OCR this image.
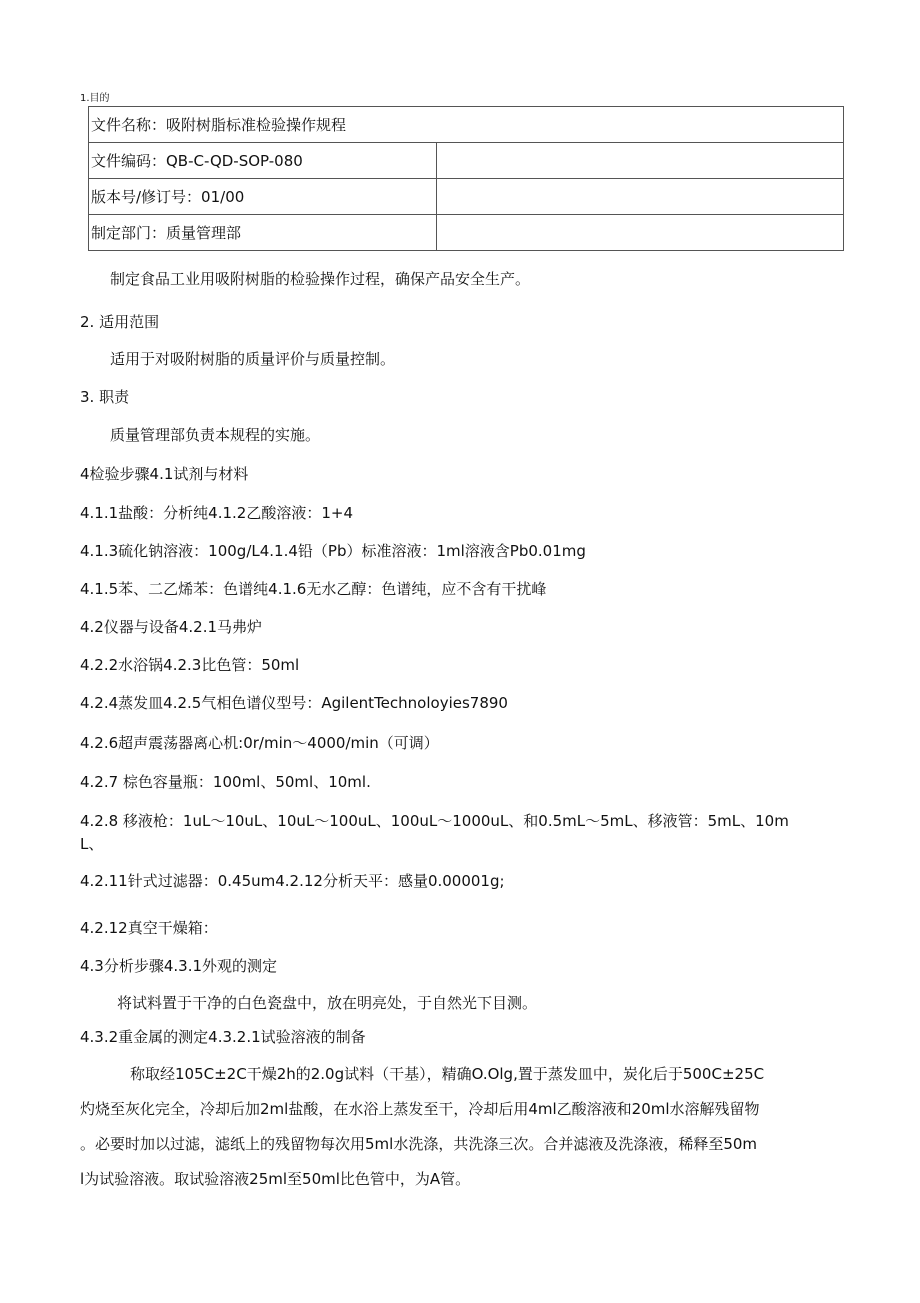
1.目的
文件名称：吸附树脂标准检验操作规程	
文件编码：QB-C-QD-SOP-080	
版本号/修订号：01/00	
制定部门：质量管理部	
制定食品工业用吸附树脂的检验操作过程，确保产品安全生产。
2. 适用范围
适用于对吸附树脂的质量评价与质量控制。
3. 职责
质量管理部负责本规程的实施。
4检验步骤4.1试剂与材料
4.1.1盐酸：分析纯4.1.2乙酸溶液：1+4
4.1.3硫化钠溶液：100g/L4.1.4铅（Pb）标准溶液：1ml溶液含Pb0.01mg
4.1.5苯、二乙烯苯：色谱纯4.1.6无水乙醇：色谱纯，应不含有干扰峰
4.2仪器与设备4.2.1马弗炉
4.2.2水浴锅4.2.3比色管：50ml
4.2.4蒸发皿4.2.5气相色谱仪型号：AgilentTechnoloyies7890
4.2.6超声震荡器离心机:0r/min～4000/min（可调）
4.2.7 棕色容量瓶：100ml、50ml、10ml.
4.2.8 移液枪：1uL～10uL、10uL～100uL、100uL～1000uL、和0.5mL～5mL、移液管：5mL、10m
L、
4.2.11针式过滤器：0.45um4.2.12分析天平：感量0.00001g;
4.2.12真空干燥箱：
4.3分析步骤4.3.1外观的测定
将试料置于干净的白色瓷盘中，放在明亮处，于自然光下目测。
4.3.2重金属的测定4.3.2.1试验溶液的制备
称取经105C±2C干燥2h的2.0g试料（干基），精确O.Olg,置于蒸发皿中，炭化后于500C±25C
灼烧至灰化完全，冷却后加2ml盐酸，在水浴上蒸发至干，冷却后用4ml乙酸溶液和20ml水溶解残留物
。必要时加以过滤，滤纸上的残留物每次用5ml水洗涤，共洗涤三次。合并滤液及洗涤液，稀释至50m
l为试验溶液。取试验溶液25ml至50ml比色管中，为A管。
